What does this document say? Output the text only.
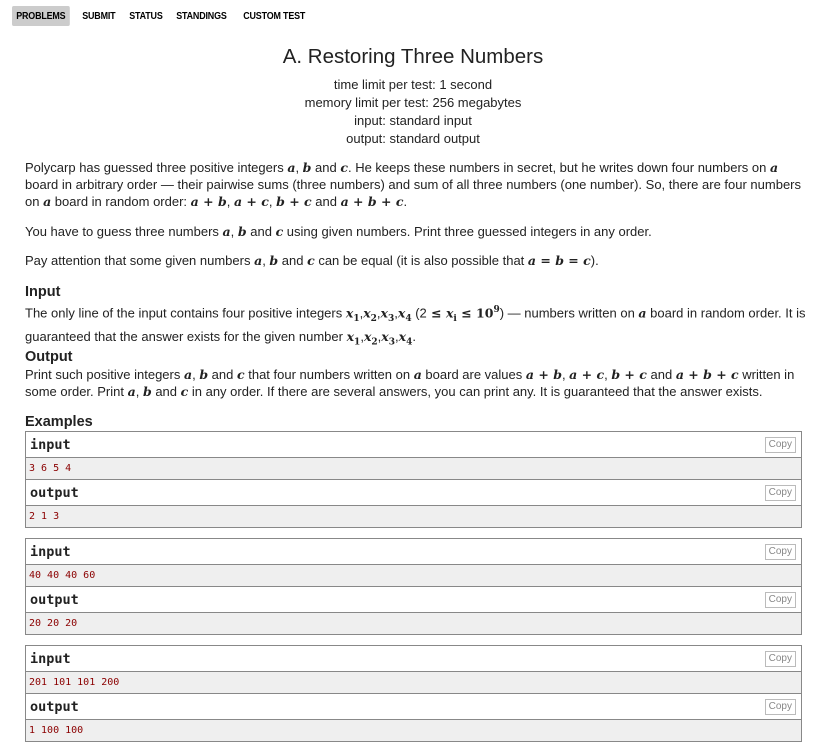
PROBLEMS	SUBMIT	STATUS	STANDINGS	CUSTOM TEST
A. Restoring Three Numbers
time limit per test: 1 second
memory limit per test: 256 megabytes
input: standard input
output: standard output
Polycarp has guessed three positive integers a, b and c. He keeps these numbers in secret, but he writes down four numbers on a board in arbitrary order — their pairwise sums (three numbers) and sum of all three numbers (one number). So, there are four numbers on a board in random order: a + b, a + c, b + c and a + b + c.
You have to guess three numbers a, b and c using given numbers. Print three guessed integers in any order.
Pay attention that some given numbers a, b and c can be equal (it is also possible that a = b = c).
Input
The only line of the input contains four positive integers $x_1,x_2,x_3,x_4$ $(2 \le x_i \le 10^9)$ — numbers written on a board in random order. It is guaranteed that the answer exists for the given number $x_1,x_2,x_3,x_4$.
Output
Print such positive integers a, b and c that four numbers written on a board are values a + b, a + c, b + c and a + b + c written in some order. Print a, b and c in any order. If there are several answers, you can print any. It is guaranteed that the answer exists.
Examples
input	Copy
3 6 5 4
output	Copy
2 1 3
input	Copy
40 40 40 60
output	Copy
20 20 20
input	Copy
201 101 101 200
output	Copy
1 100 100
